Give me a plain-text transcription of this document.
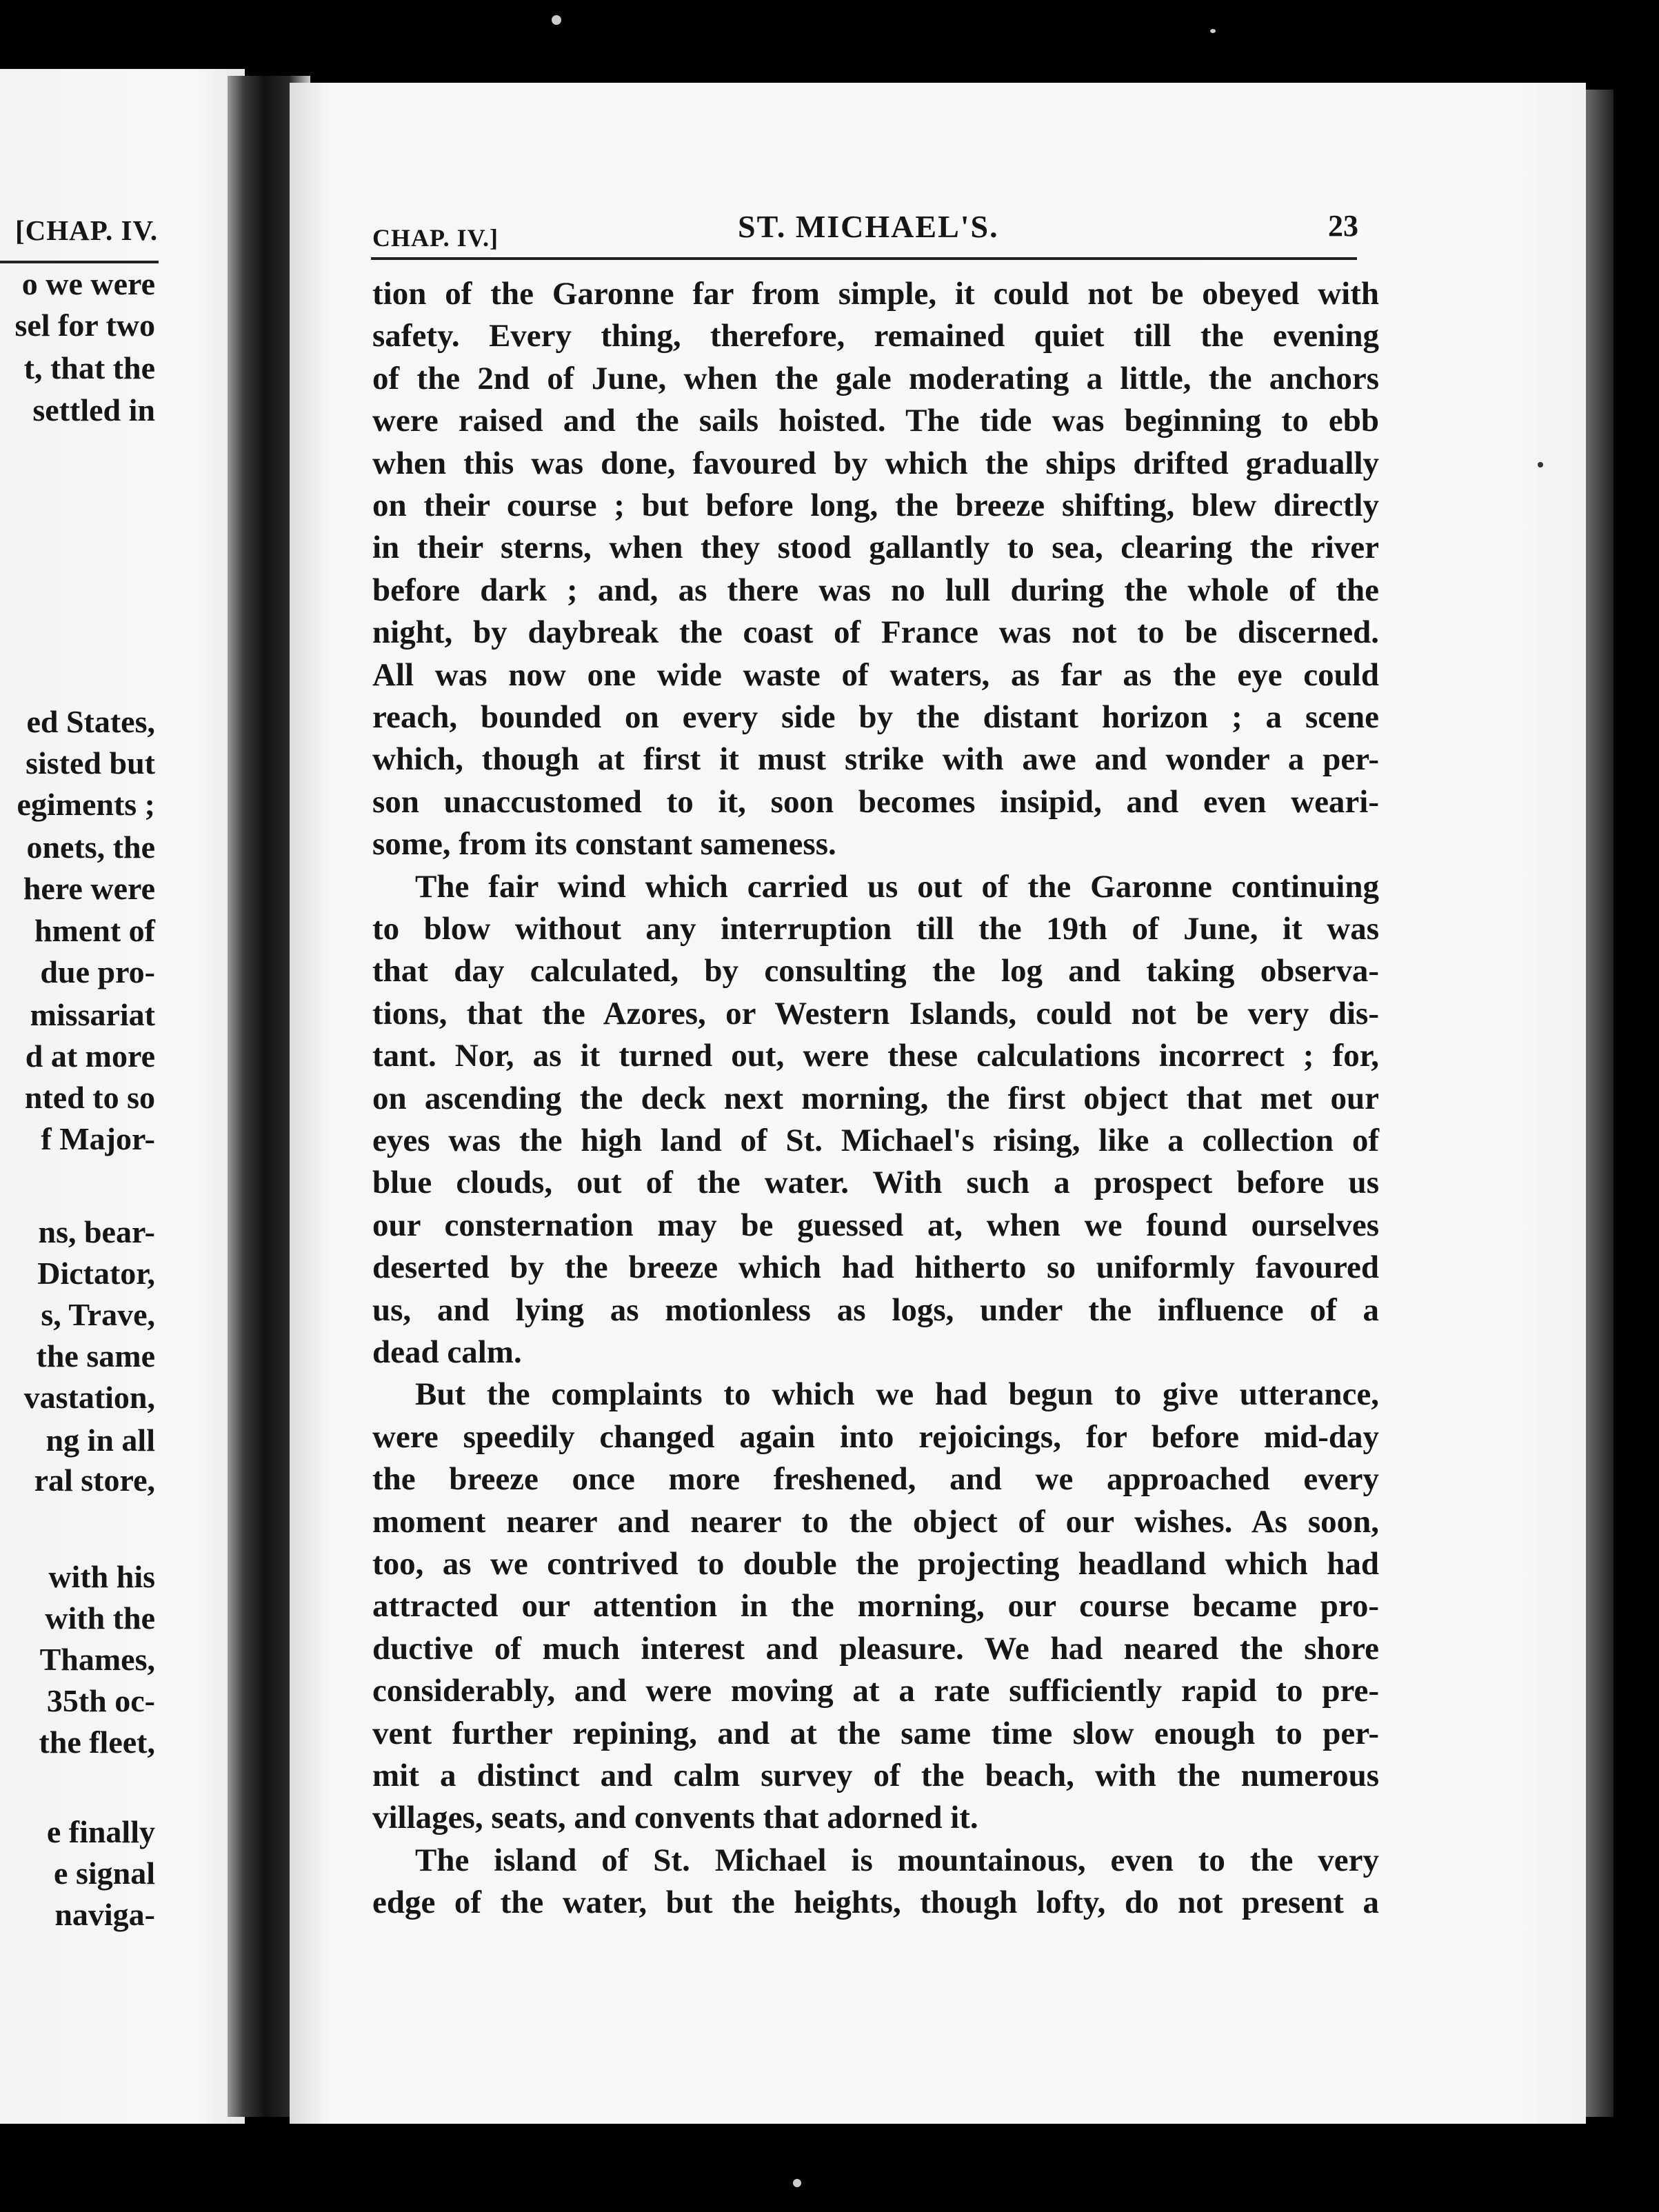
[CHAP. IV.
o we were
sel for two
t, that the
settled in
ed States,
sisted but
egiments ;
onets, the
here were
hment of
due pro-
missariat
d at more
nted to so
f Major-
ns, bear-
Dictator,
s, Trave,
the same
vastation,
ng in all
ral store,
with his
with the
Thames,
35th oc-
the fleet,
e finally
e signal
naviga-
CHAP. IV.]	ST. MICHAEL'S.	23
tion of the Garonne far from simple, it could not be obeyed with
safety. Every thing, therefore, remained quiet till the evening
of the 2nd of June, when the gale moderating a little, the anchors
were raised and the sails hoisted. The tide was beginning to ebb
when this was done, favoured by which the ships drifted gradually
on their course ; but before long, the breeze shifting, blew directly
in their sterns, when they stood gallantly to sea, clearing the river
before dark ; and, as there was no lull during the whole of the
night, by daybreak the coast of France was not to be discerned.
All was now one wide waste of waters, as far as the eye could
reach, bounded on every side by the distant horizon ; a scene
which, though at first it must strike with awe and wonder a per-
son unaccustomed to it, soon becomes insipid, and even weari-
some, from its constant sameness.
The fair wind which carried us out of the Garonne continuing
to blow without any interruption till the 19th of June, it was
that day calculated, by consulting the log and taking observa-
tions, that the Azores, or Western Islands, could not be very dis-
tant. Nor, as it turned out, were these calculations incorrect ; for,
on ascending the deck next morning, the first object that met our
eyes was the high land of St. Michael's rising, like a collection of
blue clouds, out of the water. With such a prospect before us
our consternation may be guessed at, when we found ourselves
deserted by the breeze which had hitherto so uniformly favoured
us, and lying as motionless as logs, under the influence of a
dead calm.
But the complaints to which we had begun to give utterance,
were speedily changed again into rejoicings, for before mid-day
the breeze once more freshened, and we approached every
moment nearer and nearer to the object of our wishes. As soon,
too, as we contrived to double the projecting headland which had
attracted our attention in the morning, our course became pro-
ductive of much interest and pleasure. We had neared the shore
considerably, and were moving at a rate sufficiently rapid to pre-
vent further repining, and at the same time slow enough to per-
mit a distinct and calm survey of the beach, with the numerous
villages, seats, and convents that adorned it.
The island of St. Michael is mountainous, even to the very
edge of the water, but the heights, though lofty, do not present a
